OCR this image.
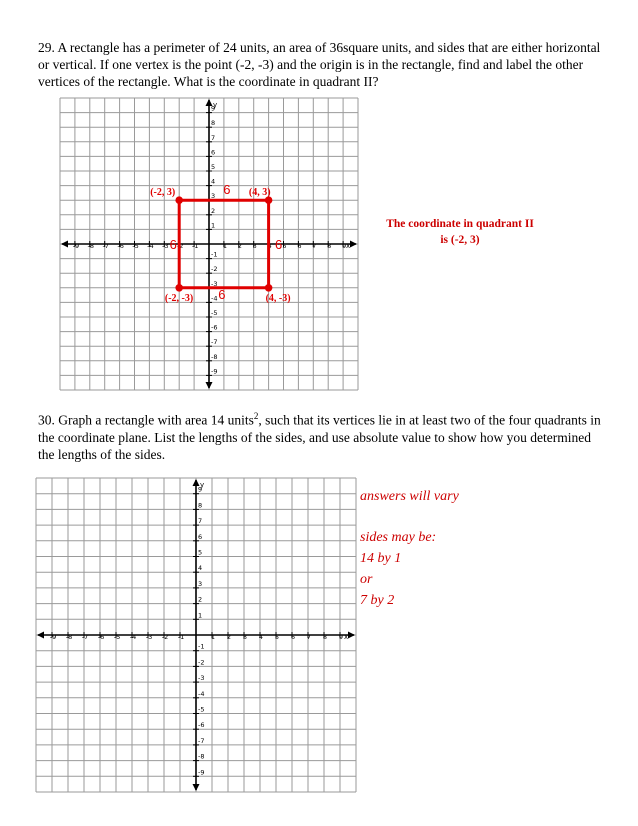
29. A rectangle has a perimeter of 24 units, an area of 36square units, and sides that are either horizontal or vertical. If one vertex is the point (-2, -3) and the origin is in the rectangle, find and label the other vertices of the rectangle. What is the coordinate in quadrant II?
-9
-9
-8
-8
-7
-7
-6
-6
-5
-5
-4
-4
-3
-3
-2
-2
-1
-1
1
1
2
2
3
3
4
4
5
5
6
6
7
7
8
8
9
9
x
y
(-2, 3)	(4, 3)
(-2, -3)	(4, -3)
6
6	6
6
The coordinate in quadrant II
is (-2, 3)
30. Graph a rectangle with area 14 units$^2$, such that its vertices lie in at least two of the four quadrants in the coordinate plane. List the lengths of the sides, and use absolute value to show how you determined the lengths of the sides.
-9
-9
-8
-8
-7
-7
-6
-6
-5
-5
-4
-4
-3
-3
-2
-2
-1
-1
1
1
2
2
3
3
4
4
5
5
6
6
7
7
8
8
9
9
x
y
answers will vary
sides may be:
14 by 1
or
7 by 2
